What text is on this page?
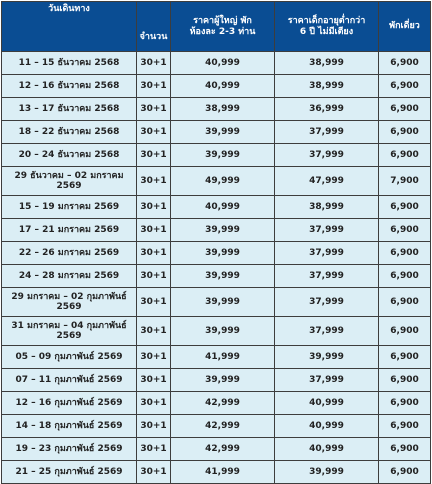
วันเดินทาง	จำนวน	ราคาผู้ใหญ่ พักห้องละ 2-3 ท่าน	ราคาเด็กอายุต่ำกว่า 6 ปี ไม่มีเตียง	พักเดี่ยว
11 – 15 ธันวาคม 2568	30+1	40,999	38,999	6,900
12 – 16 ธันวาคม 2568	30+1	40,999	38,999	6,900
13 – 17 ธันวาคม 2568	30+1	38,999	36,999	6,900
18 – 22 ธันวาคม 2568	30+1	39,999	37,999	6,900
20 – 24 ธันวาคม 2568	30+1	39,999	37,999	6,900
29 ธันวาคม – 02 มกราคม 2569	30+1	49,999	47,999	7,900
15 – 19 มกราคม 2569	30+1	40,999	38,999	6,900
17 – 21 มกราคม 2569	30+1	39,999	37,999	6,900
22 – 26 มกราคม 2569	30+1	39,999	37,999	6,900
24 – 28 มกราคม 2569	30+1	39,999	37,999	6,900
29 มกราคม – 02 กุมภาพันธ์ 2569	30+1	39,999	37,999	6,900
31 มกราคม – 04 กุมภาพันธ์ 2569	30+1	39,999	37,999	6,900
05 – 09 กุมภาพันธ์ 2569	30+1	41,999	39,999	6,900
07 – 11 กุมภาพันธ์ 2569	30+1	39,999	37,999	6,900
12 – 16 กุมภาพันธ์ 2569	30+1	42,999	40,999	6,900
14 – 18 กุมภาพันธ์ 2569	30+1	42,999	40,999	6,900
19 – 23 กุมภาพันธ์ 2569	30+1	42,999	40,999	6,900
21 – 25 กุมภาพันธ์ 2569	30+1	41,999	39,999	6,900
